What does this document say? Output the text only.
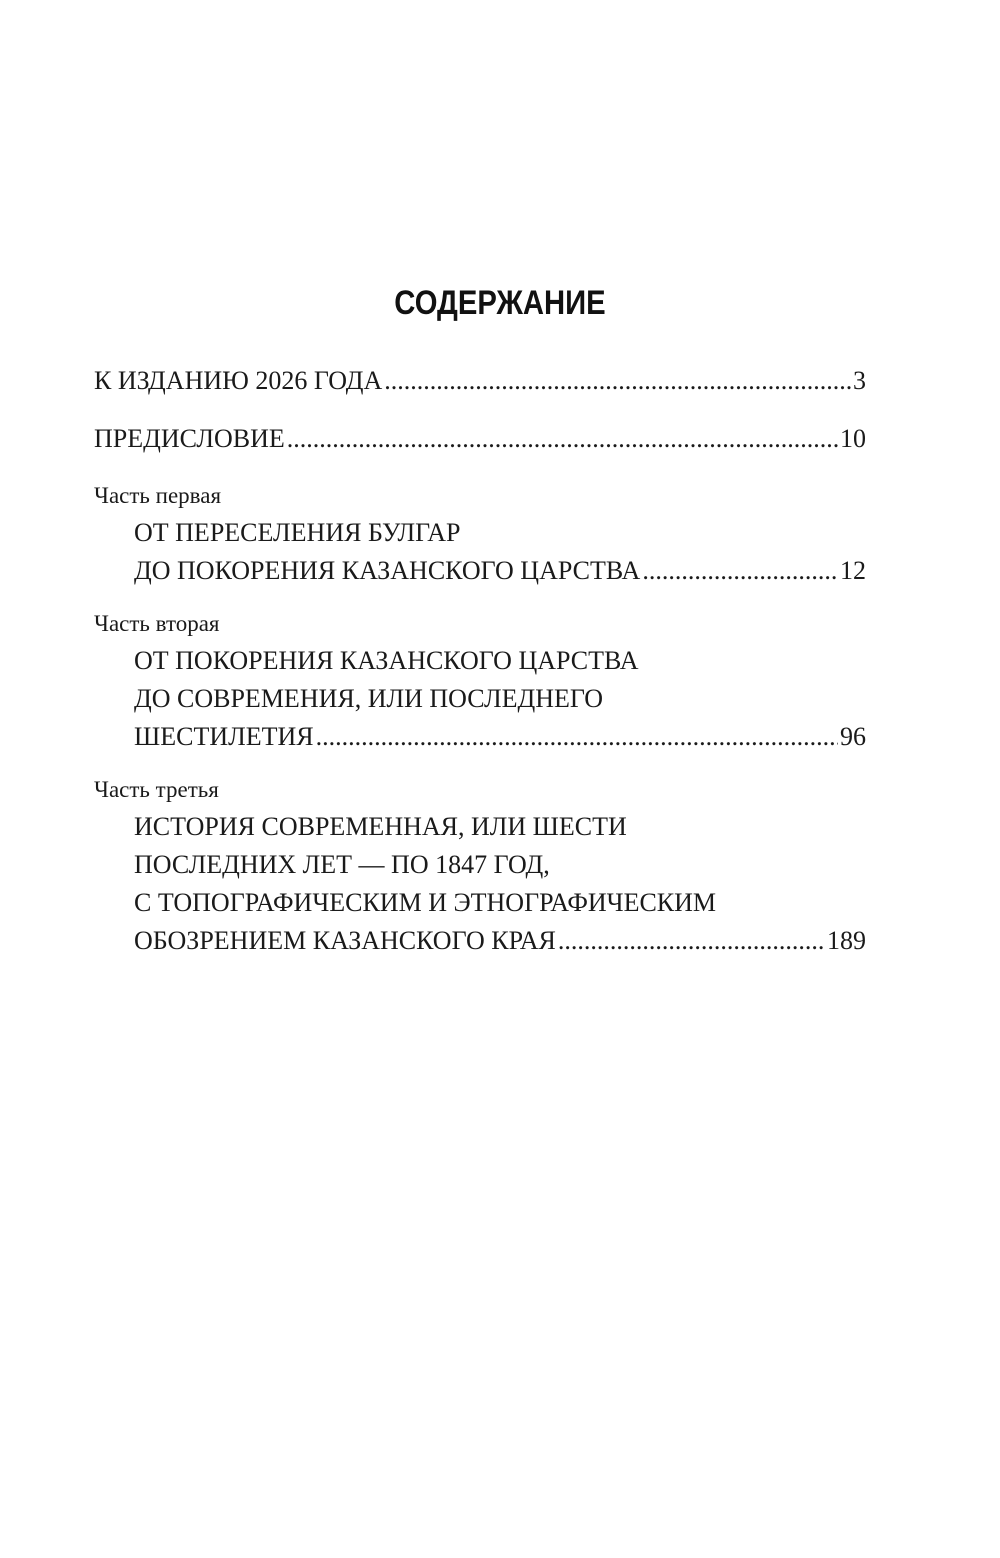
СОДЕРЖАНИЕ
К ИЗДАНИЮ 2026 ГОДА .....	3
ПРЕДИСЛОВИЕ .....	10
Часть первая
ОТ ПЕРЕСЕЛЕНИЯ БУЛГАР
ДО ПОКОРЕНИЯ КАЗАНСКОГО ЦАРСТВА .....	12
Часть вторая
ОТ ПОКОРЕНИЯ КАЗАНСКОГО ЦАРСТВА
ДО СОВРЕМЕНИЯ, ИЛИ ПОСЛЕДНЕГО
ШЕСТИЛЕТИЯ .....	96
Часть третья
ИСТОРИЯ СОВРЕМЕННАЯ, ИЛИ ШЕСТИ
ПОСЛЕДНИХ ЛЕТ — ПО 1847 ГОД,
С ТОПОГРАФИЧЕСКИМ И ЭТНОГРАФИЧЕСКИМ
ОБОЗРЕНИЕМ КАЗАНСКОГО КРАЯ .....	189
